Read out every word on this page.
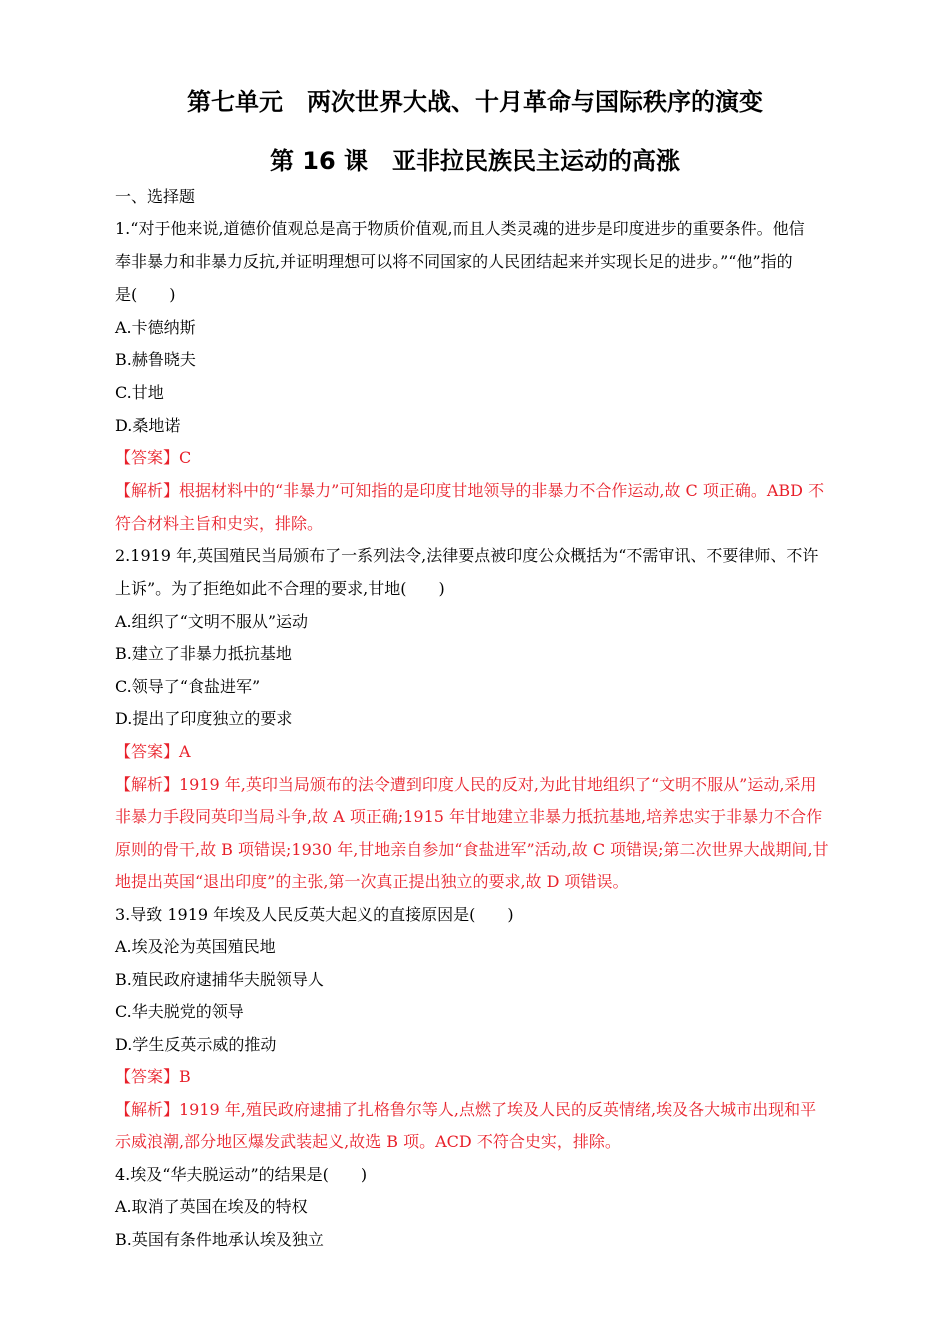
第七单元　两次世界大战、十月革命与国际秩序的演变
第 16 课　亚非拉民族民主运动的高涨
一、选择题
1.“对于他来说,道德价值观总是高于物质价值观,而且人类灵魂的进步是印度进步的重要条件。他信
奉非暴力和非暴力反抗,并证明理想可以将不同国家的人民团结起来并实现长足的进步。”“他”指的
是(　　)
A.卡德纳斯
B.赫鲁晓夫
C.甘地
D.桑地诺
【答案】C
【解析】根据材料中的“非暴力”可知指的是印度甘地领导的非暴力不合作运动,故 C 项正确。ABD 不
符合材料主旨和史实，排除。
2.1919 年,英国殖民当局颁布了一系列法令,法律要点被印度公众概括为“不需审讯、不要律师、不许
上诉”。为了拒绝如此不合理的要求,甘地(　　)
A.组织了“文明不服从”运动
B.建立了非暴力抵抗基地
C.领导了“食盐进军”
D.提出了印度独立的要求
【答案】A
【解析】1919 年,英印当局颁布的法令遭到印度人民的反对,为此甘地组织了“文明不服从”运动,采用
非暴力手段同英印当局斗争,故 A 项正确;1915 年甘地建立非暴力抵抗基地,培养忠实于非暴力不合作
原则的骨干,故 B 项错误;1930 年,甘地亲自参加“食盐进军”活动,故 C 项错误;第二次世界大战期间,甘
地提出英国“退出印度”的主张,第一次真正提出独立的要求,故 D 项错误。
3.导致 1919 年埃及人民反英大起义的直接原因是(　　)
A.埃及沦为英国殖民地
B.殖民政府逮捕华夫脱领导人
C.华夫脱党的领导
D.学生反英示威的推动
【答案】B
【解析】1919 年,殖民政府逮捕了扎格鲁尔等人,点燃了埃及人民的反英情绪,埃及各大城市出现和平
示威浪潮,部分地区爆发武装起义,故选 B 项。ACD 不符合史实，排除。
4.埃及“华夫脱运动”的结果是(　　)
A.取消了英国在埃及的特权
B.英国有条件地承认埃及独立
